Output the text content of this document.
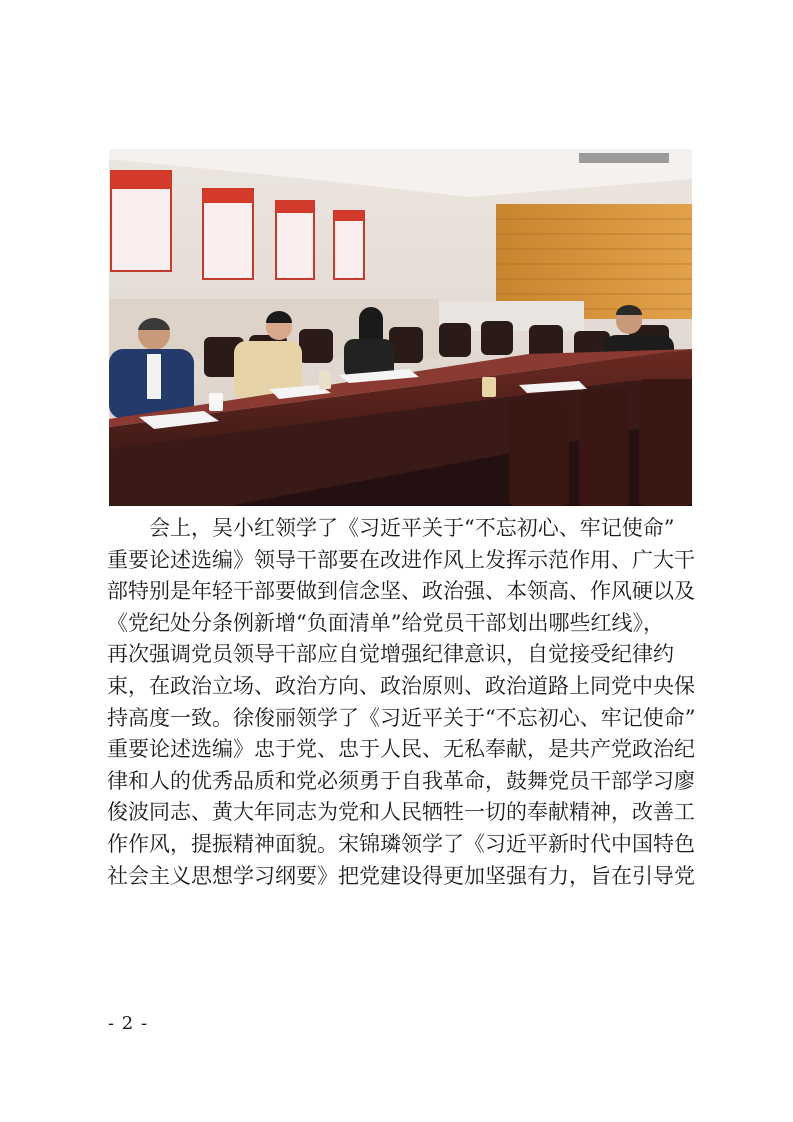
会上，吴小红领学了《习近平关于“不忘初心、牢记使命”
重要论述选编》领导干部要在改进作风上发挥示范作用、广大干
部特别是年轻干部要做到信念坚、政治强、本领高、作风硬以及
《党纪处分条例新增“负面清单”给党员干部划出哪些红线》，
再次强调党员领导干部应自觉增强纪律意识，自觉接受纪律约
束，在政治立场、政治方向、政治原则、政治道路上同党中央保
持高度一致。徐俊丽领学了《习近平关于“不忘初心、牢记使命”
重要论述选编》忠于党、忠于人民、无私奉献，是共产党政治纪
律和人的优秀品质和党必须勇于自我革命，鼓舞党员干部学习廖
俊波同志、黄大年同志为党和人民牺牲一切的奉献精神，改善工
作作风，提振精神面貌。宋锦璘领学了《习近平新时代中国特色
社会主义思想学习纲要》把党建设得更加坚强有力，旨在引导党
- 2 -
